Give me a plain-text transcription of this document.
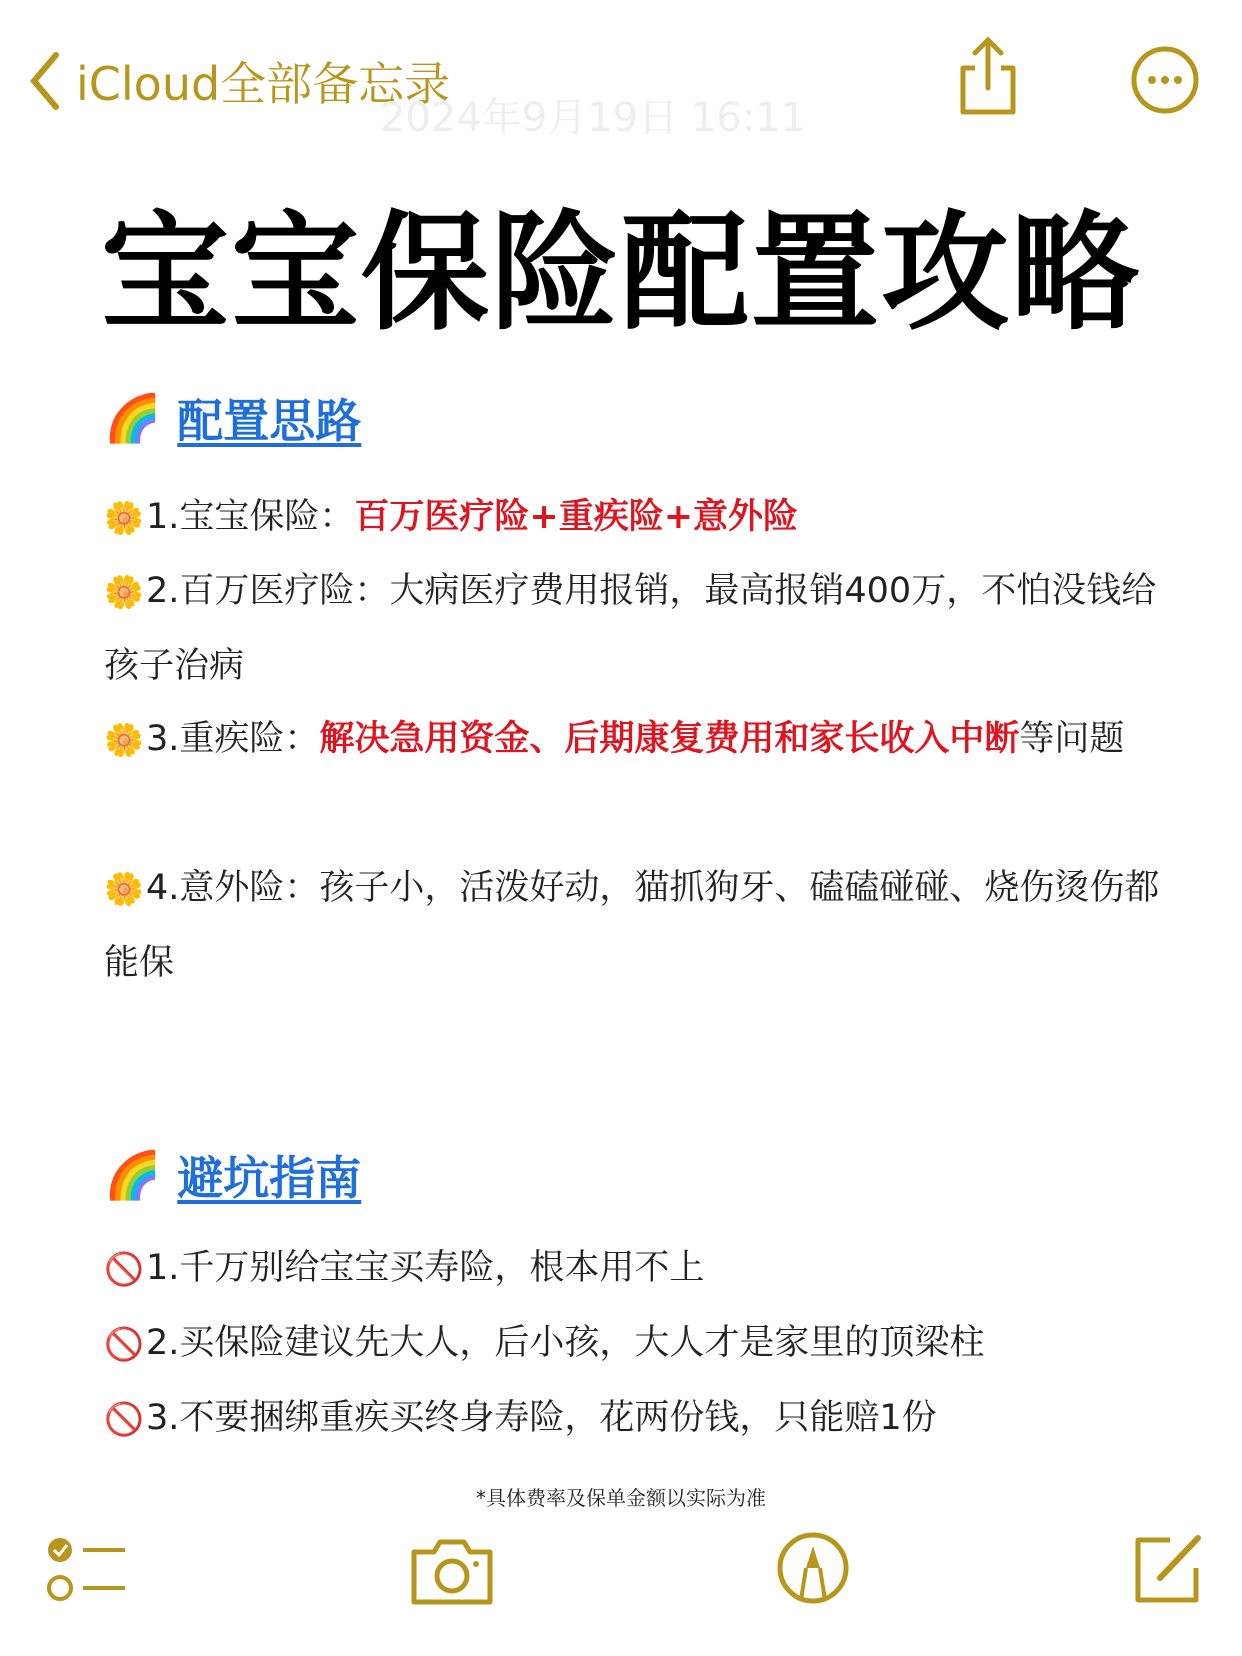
iCloud全部备忘录
2024年9月19日 16:11
宝宝保险配置攻略
🌈 配置思路
🌼1.宝宝保险：百万医疗险+重疾险+意外险
🌼2.百万医疗险：大病医疗费用报销，最高报销400万，不怕没钱给孩子治病
🌼3.重疾险：解决急用资金、后期康复费用和家长收入中断等问题
🌼4.意外险：孩子小，活泼好动，猫抓狗牙、磕磕碰碰、烧伤烫伤都能保
🌈 避坑指南
🚫1.千万别给宝宝买寿险，根本用不上
🚫2.买保险建议先大人，后小孩，大人才是家里的顶梁柱
🚫3.不要捆绑重疾买终身寿险，花两份钱，只能赔1份
*具体费率及保单金额以实际为准
